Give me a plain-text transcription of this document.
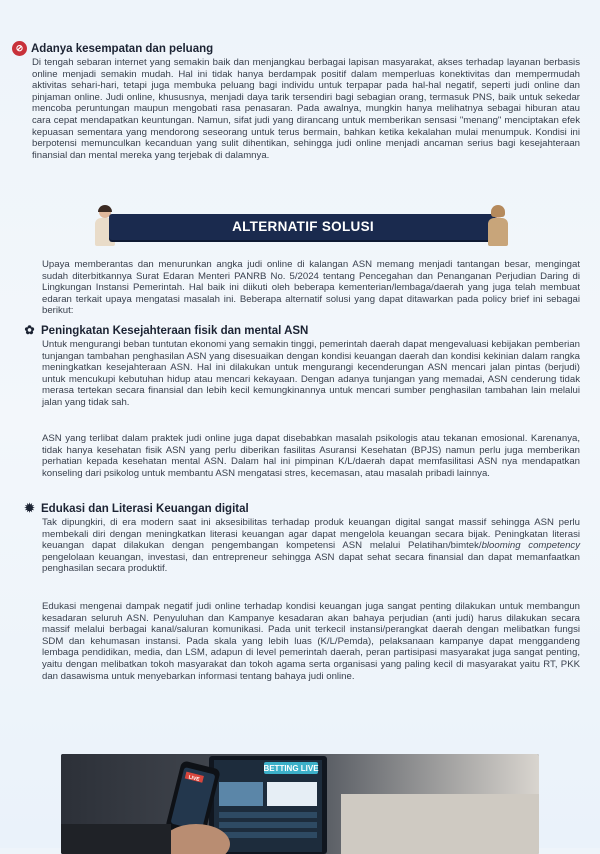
⊘ Adanya kesempatan dan peluang

Di tengah sebaran internet yang semakin baik dan menjangkau berbagai lapisan masyarakat, akses terhadap layanan berbasis online menjadi semakin mudah. Hal ini tidak hanya berdampak positif dalam memperluas konektivitas dan mempermudah aktivitas sehari-hari, tetapi juga membuka peluang bagi individu untuk terpapar pada hal-hal negatif, seperti judi online dan pinjaman online. Judi online, khususnya, menjadi daya tarik tersendiri bagi sebagian orang, termasuk PNS, baik untuk sekedar mencoba peruntungan maupun mengobati rasa penasaran. Pada awalnya, mungkin hanya melihatnya sebagai hiburan atau cara cepat mendapatkan keuntungan. Namun, sifat judi yang dirancang untuk memberikan sensasi "menang" menciptakan efek kepuasan sementara yang mendorong seseorang untuk terus bermain, bahkan ketika kekalahan mulai menumpuk. Kondisi ini berpotensi memunculkan kecanduan yang sulit dihentikan, sehingga judi online menjadi ancaman serius bagi kesejahteraan finansial dan mental mereka yang terjebak di dalamnya.

ALTERNATIF SOLUSI

Upaya memberantas dan menurunkan angka judi online di kalangan ASN memang menjadi tantangan besar, mengingat sudah diterbitkannya Surat Edaran Menteri PANRB No. 5/2024 tentang Pencegahan dan Penanganan Perjudian Daring di Lingkungan Instansi Pemerintah. Hal baik ini diikuti oleh beberapa kementerian/lembaga/daerah yang juga telah membuat edaran terkait upaya mengatasi masalah ini. Beberapa alternatif solusi yang dapat ditawarkan pada policy brief ini sebagai berikut:

✿ Peningkatan Kesejahteraan fisik dan mental ASN

Untuk mengurangi beban tuntutan ekonomi yang semakin tinggi, pemerintah daerah dapat mengevaluasi kebijakan pemberian tunjangan tambahan penghasilan ASN yang disesuaikan dengan kondisi keuangan daerah dan kondisi kekinian dalam rangka meningkatkan kesejahteraan ASN. Hal ini dilakukan untuk mengurangi kecenderungan ASN mencari jalan pintas (berjudi) untuk mencukupi kebutuhan hidup atau mencari kekayaan. Dengan adanya tunjangan yang memadai, ASN cenderung tidak merasa tertekan secara finansial dan lebih kecil kemungkinannya untuk mencari sumber penghasilan tambahan lain melalui jalan yang tidak sah.

ASN yang terlibat dalam praktek judi online juga dapat disebabkan masalah psikologis atau tekanan emosional. Karenanya, tidak hanya kesehatan fisik ASN yang perlu diberikan fasilitas Asuransi Kesehatan (BPJS) namun perlu juga memberikan perhatian kepada kesehatan mental ASN. Dalam hal ini pimpinan K/L/daerah dapat memfasilitasi ASN nya mendapatkan konseling dari psikolog untuk membantu ASN mengatasi stres, kecemasan, atau masalah pribadi lainnya.

✹ Edukasi dan Literasi Keuangan digital

Tak dipungkiri, di era modern saat ini aksesibilitas terhadap produk keuangan digital sangat massif sehingga ASN perlu membekali diri dengan meningkatkan literasi keuangan agar dapat mengelola keuangan secara bijak. Peningkatan literasi keuangan dapat dilakukan dengan pengembangan kompetensi ASN melalui Pelatihan/bimtek/blooming competency pengelolaan keuangan, investasi, dan entrepreneur sehingga ASN dapat sehat secara finansial dan dapat memanfaatkan penghasilan secara produktif.

Edukasi mengenai dampak negatif judi online terhadap kondisi keuangan juga sangat penting dilakukan untuk membangun kesadaran seluruh ASN. Penyuluhan dan Kampanye kesadaran akan bahaya perjudian (anti judi) harus dilakukan secara massif melalui berbagai kanal/saluran komunikasi. Pada unit terkecil instansi/perangkat daerah dengan melibatkan fungsi SDM dan kehumasan instansi. Pada skala yang lebih luas (K/L/Pemda), pelaksanaan kampanye dapat menggandeng lembaga pendidikan, media, dan LSM, adapun di level pemerintah daerah, peran partisipasi masyarakat juga sangat penting, yaitu dengan melibatkan tokoh masyarakat dan tokoh agama serta organisasi yang paling kecil di masyarakat yaitu RT, PKK dan dasawisma untuk menyebarkan informasi tentang bahaya judi online.

BETTING LIVE
LIVE
